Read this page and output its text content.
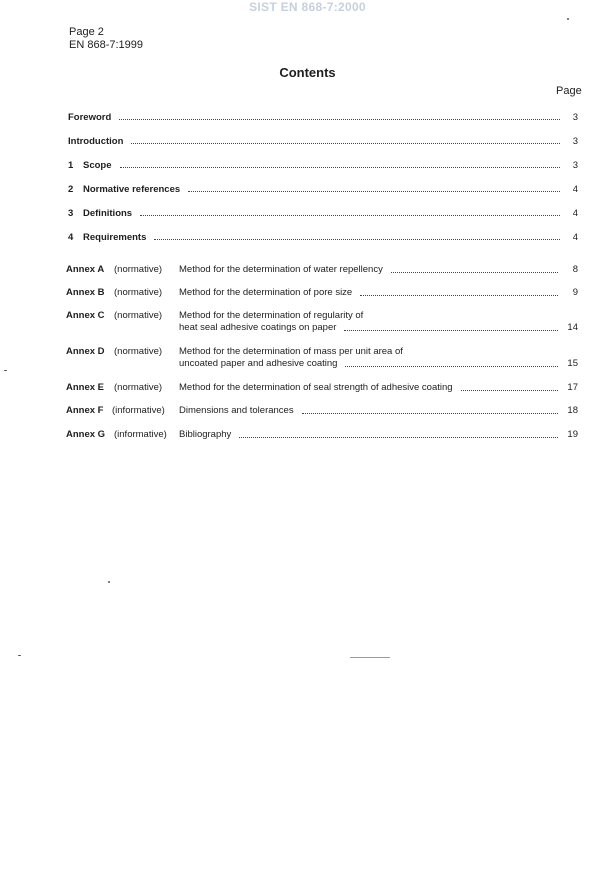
SIST EN 868-7:2000
Page 2
EN 868-7:1999
Contents
Page
Foreword	3
Introduction	3
1	Scope	3
2	Normative references	4
3	Definitions	4
4	Requirements	4
Annex A (normative) Method for the determination of water repellency	8
Annex B (normative) Method for the determination of pore size	9
Annex C (normative) Method for the determination of regularity of
heat seal adhesive coatings on paper	14
Annex D (normative) Method for the determination of mass per unit area of
uncoated paper and adhesive coating	15
Annex E (normative) Method for the determination of seal strength of adhesive coating	17
Annex F (informative) Dimensions and tolerances	18
Annex G (informative) Bibliography	19
